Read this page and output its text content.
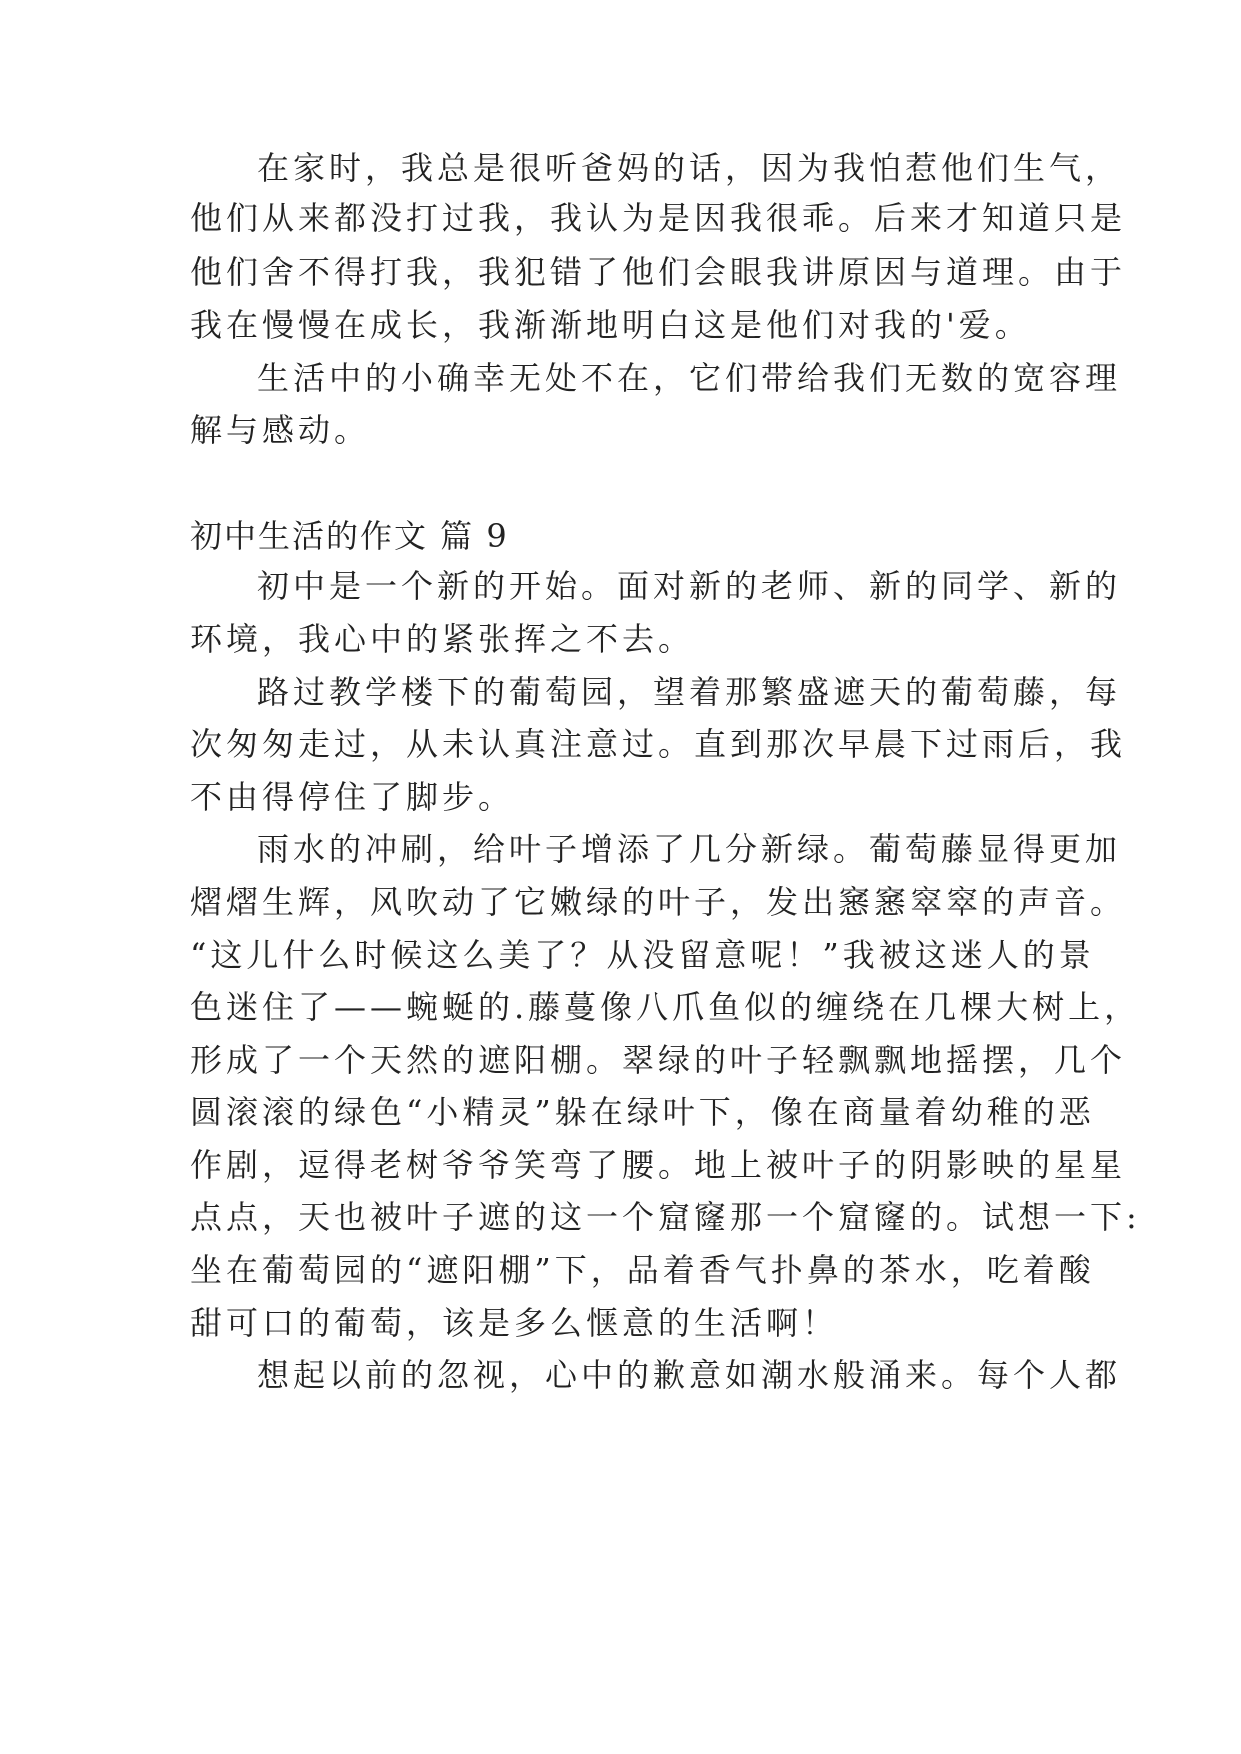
在家时，我总是很听爸妈的话，因为我怕惹他们生气，
他们从来都没打过我，我认为是因我很乖。后来才知道只是
他们舍不得打我，我犯错了他们会眼我讲原因与道理。由于
我在慢慢在成长，我渐渐地明白这是他们对我的'爱。
生活中的小确幸无处不在，它们带给我们无数的宽容理
解与感动。
初中生活的作文 篇 9
初中是一个新的开始。面对新的老师、新的同学、新的
环境，我心中的紧张挥之不去。
路过教学楼下的葡萄园，望着那繁盛遮天的葡萄藤，每
次匆匆走过，从未认真注意过。直到那次早晨下过雨后，我
不由得停住了脚步。
雨水的冲刷，给叶子增添了几分新绿。葡萄藤显得更加
熠熠生辉，风吹动了它嫩绿的叶子，发出窸窸窣窣的声音。
“这儿什么时候这么美了？从没留意呢！”我被这迷人的景
色迷住了——蜿蜒的.藤蔓像八爪鱼似的缠绕在几棵大树上，
形成了一个天然的遮阳棚。翠绿的叶子轻飘飘地摇摆，几个
圆滚滚的绿色“小精灵”躲在绿叶下，像在商量着幼稚的恶
作剧，逗得老树爷爷笑弯了腰。地上被叶子的阴影映的星星
点点，天也被叶子遮的这一个窟窿那一个窟窿的。试想一下:
坐在葡萄园的“遮阳棚”下，品着香气扑鼻的茶水，吃着酸
甜可口的葡萄，该是多么惬意的生活啊！
想起以前的忽视，心中的歉意如潮水般涌来。每个人都
